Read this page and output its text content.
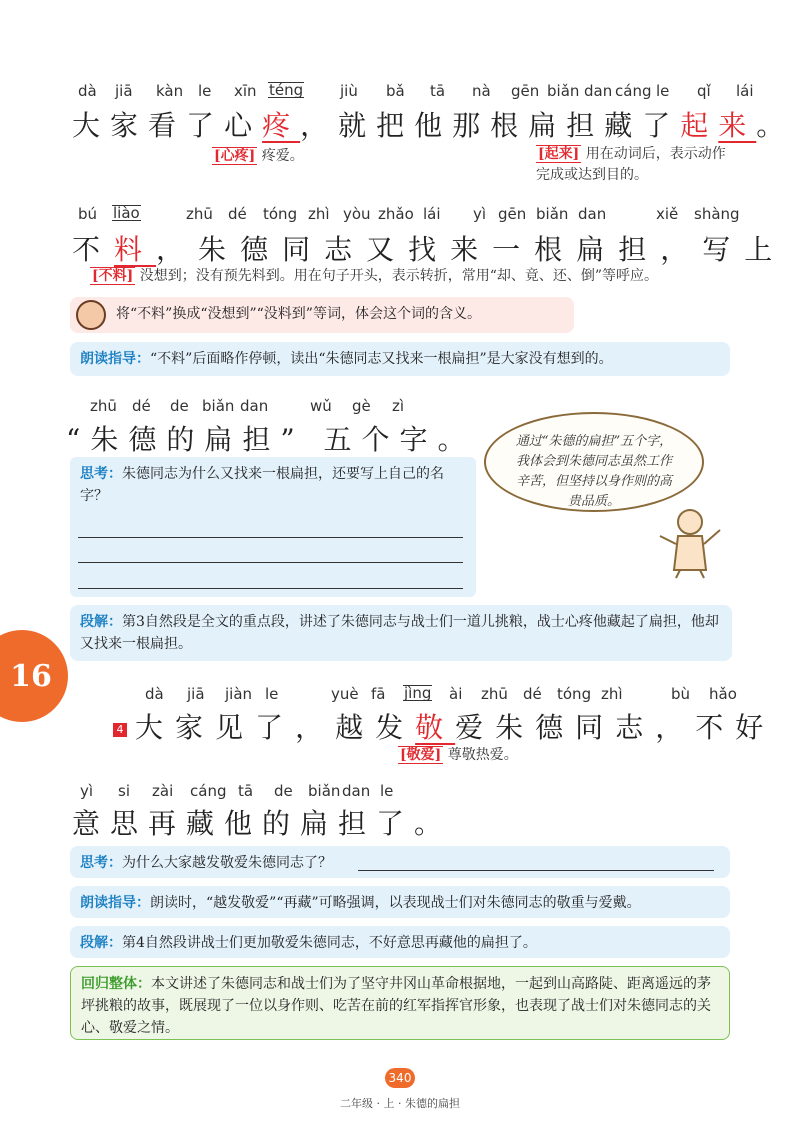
dà jiā kàn le xīn téng jiù bǎ tā nà gēn biǎn dan cáng le qǐ lái
大家看了心疼，就把他那根扁担藏了起来。
[ 心疼 ] 疼爱。
[	起来 ] 用在动词后，表示动作完成或达到目的。
bú liào	zhū dé tóng zhì yòu zhǎo lái yì gēn biǎn dan	xiě shàng
不料，朱德同志又找来一根扁担，写上
[ 不料 ] 没想到；没有预先料到。用在句子开头，表示转折，常用“却、竟、还、倒”等呼应。
将“不料”换成“没想到”“没料到”等词，体会这个词的含义。
朗读指导：“不料”后面略作停顿，读出“朱德同志又找来一根扁担”是大家没有想到的。
zhū dé de biǎn dan	wǔ gè zì
“朱德的扁担” 五个字。
思考：朱德同志为什么又找来一根扁担，还要写上自己的名字？
通过“朱德的扁担”五个字，我体会到朱德同志虽然工作辛苦，但坚持以身作则的高贵品质。
段解：第3自然段是全文的重点段，讲述了朱德同志与战士们一道儿挑粮，战士心疼他藏起了扁担，他却又找来一根扁担。
16
dà jiā jiàn le	yuè fā jìng ài zhū dé tóng zhì	bù hǎo
4 大家见了，越发敬爱朱德同志，不好
[ 敬爱 ] 尊敬热爱。
yì si zài cáng tā de biǎn dan le
意思再藏他的扁担了。
思考：为什么大家越发敬爱朱德同志了？
朗读指导：朗读时，“越发敬爱”“再藏”可略强调，以表现战士们对朱德同志的敬重与爱戴。
段解：第4自然段讲战士们更加敬爱朱德同志，不好意思再藏他的扁担了。
回归整体：本文讲述了朱德同志和战士们为了坚守井冈山革命根据地，一起到山高路陡、距离遥远的茅坪挑粮的故事，既展现了一位以身作则、吃苦在前的红军指挥官形象，也表现了战士们对朱德同志的关心、敬爱之情。
340
二年级 · 上 · 朱德的扁担
